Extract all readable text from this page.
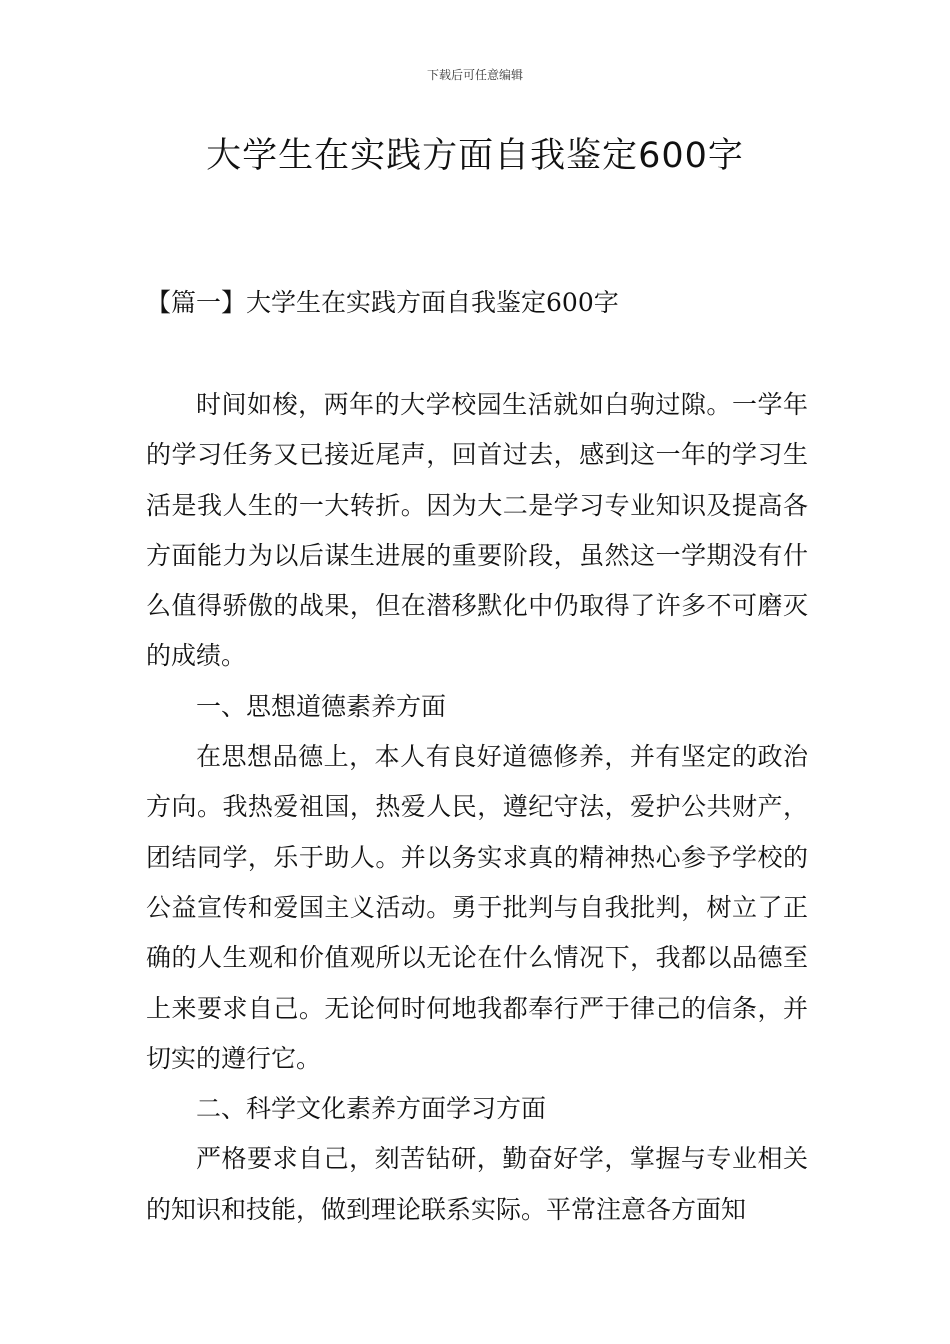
下载后可任意编辑
大学生在实践方面自我鉴定600字
【篇一】大学生在实践方面自我鉴定600字

时间如梭，两年的大学校园生活就如白驹过隙。一学年的学习任务又已接近尾声，回首过去，感到这一年的学习生活是我人生的一大转折。因为大二是学习专业知识及提高各方面能力为以后谋生进展的重要阶段，虽然这一学期没有什么值得骄傲的战果，但在潜移默化中仍取得了许多不可磨灭的成绩。

一、思想道德素养方面

在思想品德上，本人有良好道德修养，并有坚定的政治方向。我热爱祖国，热爱人民，遵纪守法，爱护公共财产，团结同学，乐于助人。并以务实求真的精神热心参予学校的公益宣传和爱国主义活动。勇于批判与自我批判，树立了正确的人生观和价值观所以无论在什么情况下，我都以品德至上来要求自己。无论何时何地我都奉行严于律己的信条，并切实的遵行它。

二、科学文化素养方面学习方面

严格要求自己，刻苦钻研，勤奋好学，掌握与专业相关的知识和技能，做到理论联系实际。平常注意各方面知
